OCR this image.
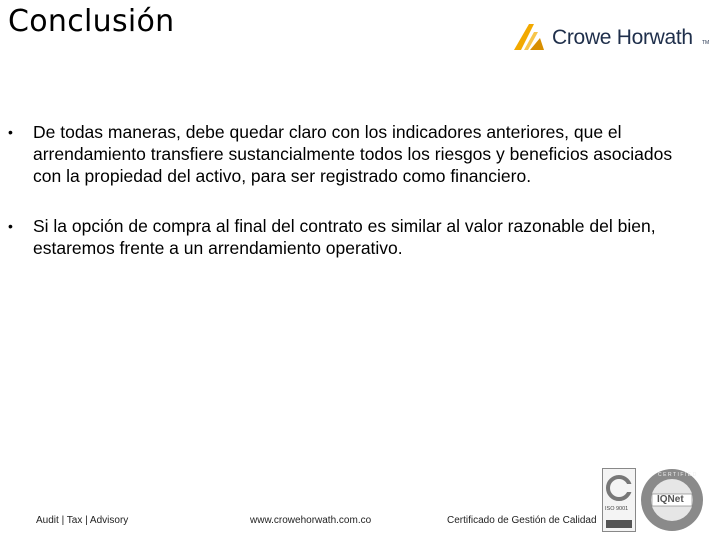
Conclusión	Crowe Horwath TM
• De todas maneras, debe quedar claro con los indicadores anteriores, que el arrendamiento transfiere sustancialmente todos los riesgos y beneficios asociados con la propiedad del activo, para ser registrado como financiero.
• Si la opción de compra al final del contrato es similar al valor razonable del bien, estaremos frente a un arrendamiento operativo.
Audit | Tax | Advisory	www.crowehorwath.com.co	Certificado de Gestión de Calidad
ISO 9001
IQNet
CERTIFIED
